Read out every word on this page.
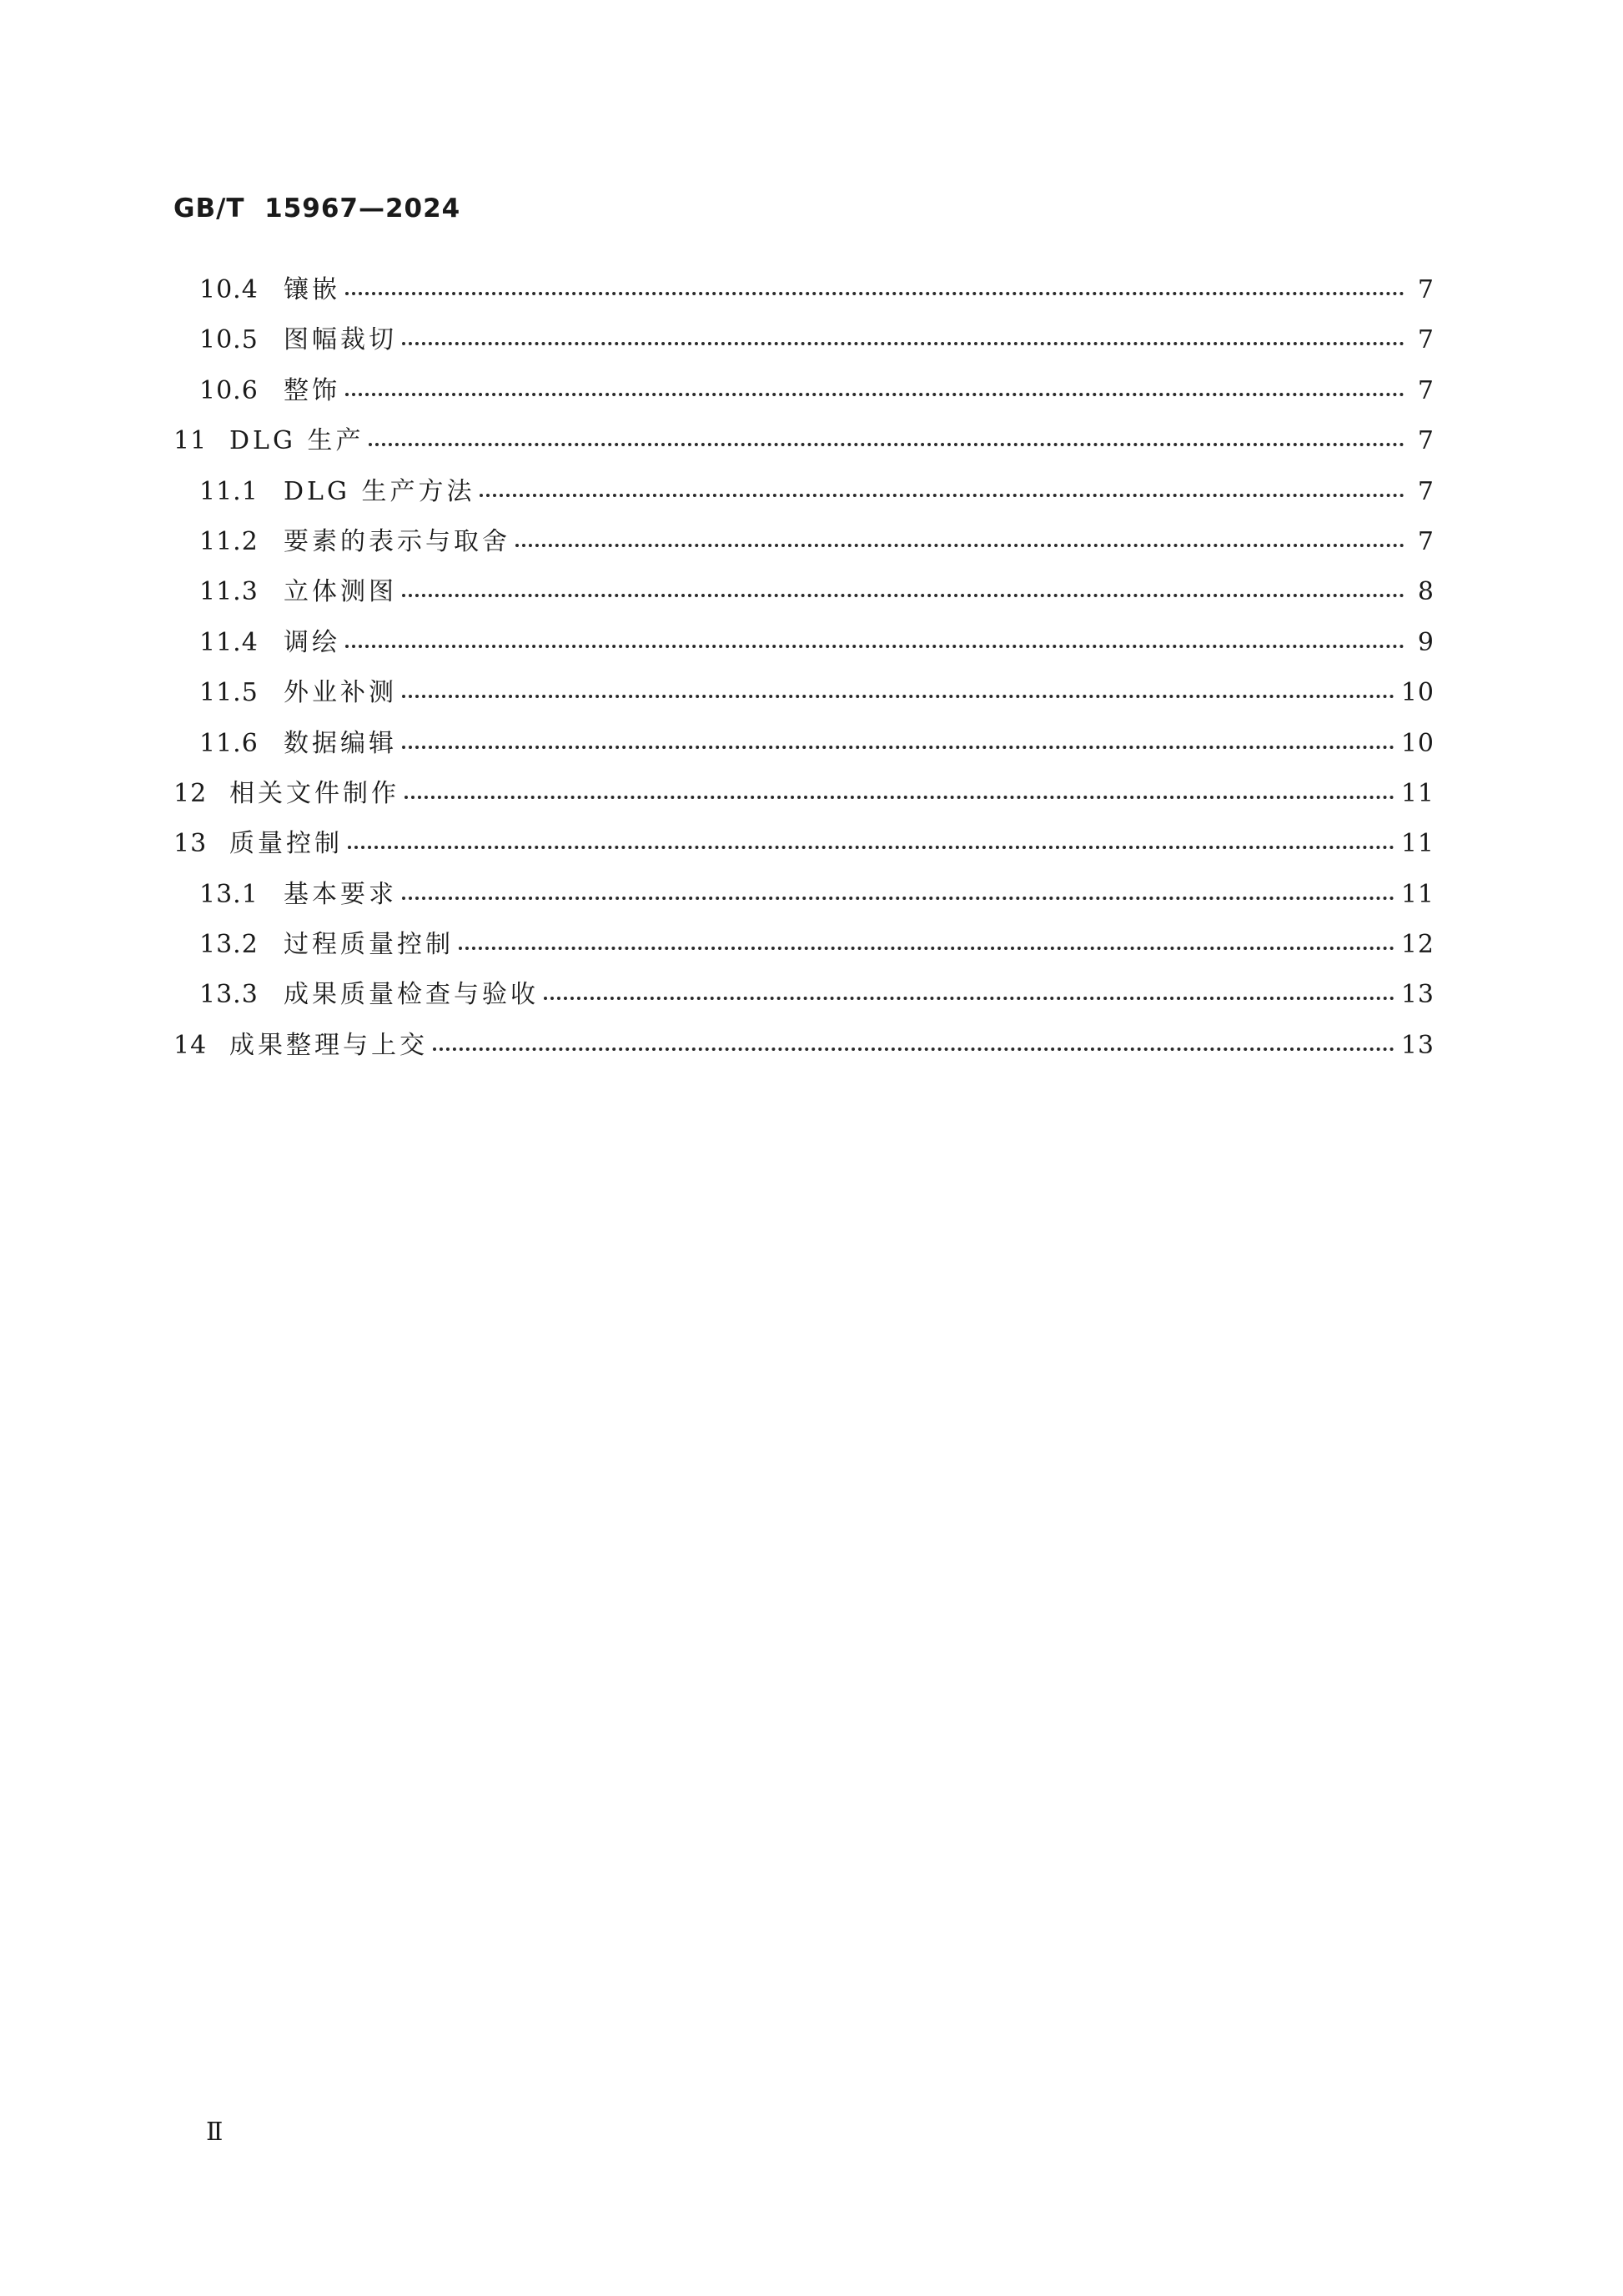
GB/T  15967—2024
10.4	镶嵌	7
10.5	图幅裁切	7
10.6	整饰	7
11 DLG 生产	7
11.1	DLG 生产方法	7
11.2	要素的表示与取舍	7
11.3	立体测图	8
11.4	调绘	9
11.5	外业补测	10
11.6	数据编辑	10
12 相关文件制作	11
13 质量控制	11
13.1	基本要求	11
13.2	过程质量控制	12
13.3	成果质量检查与验收	13
14 成果整理与上交	13
Ⅱ
